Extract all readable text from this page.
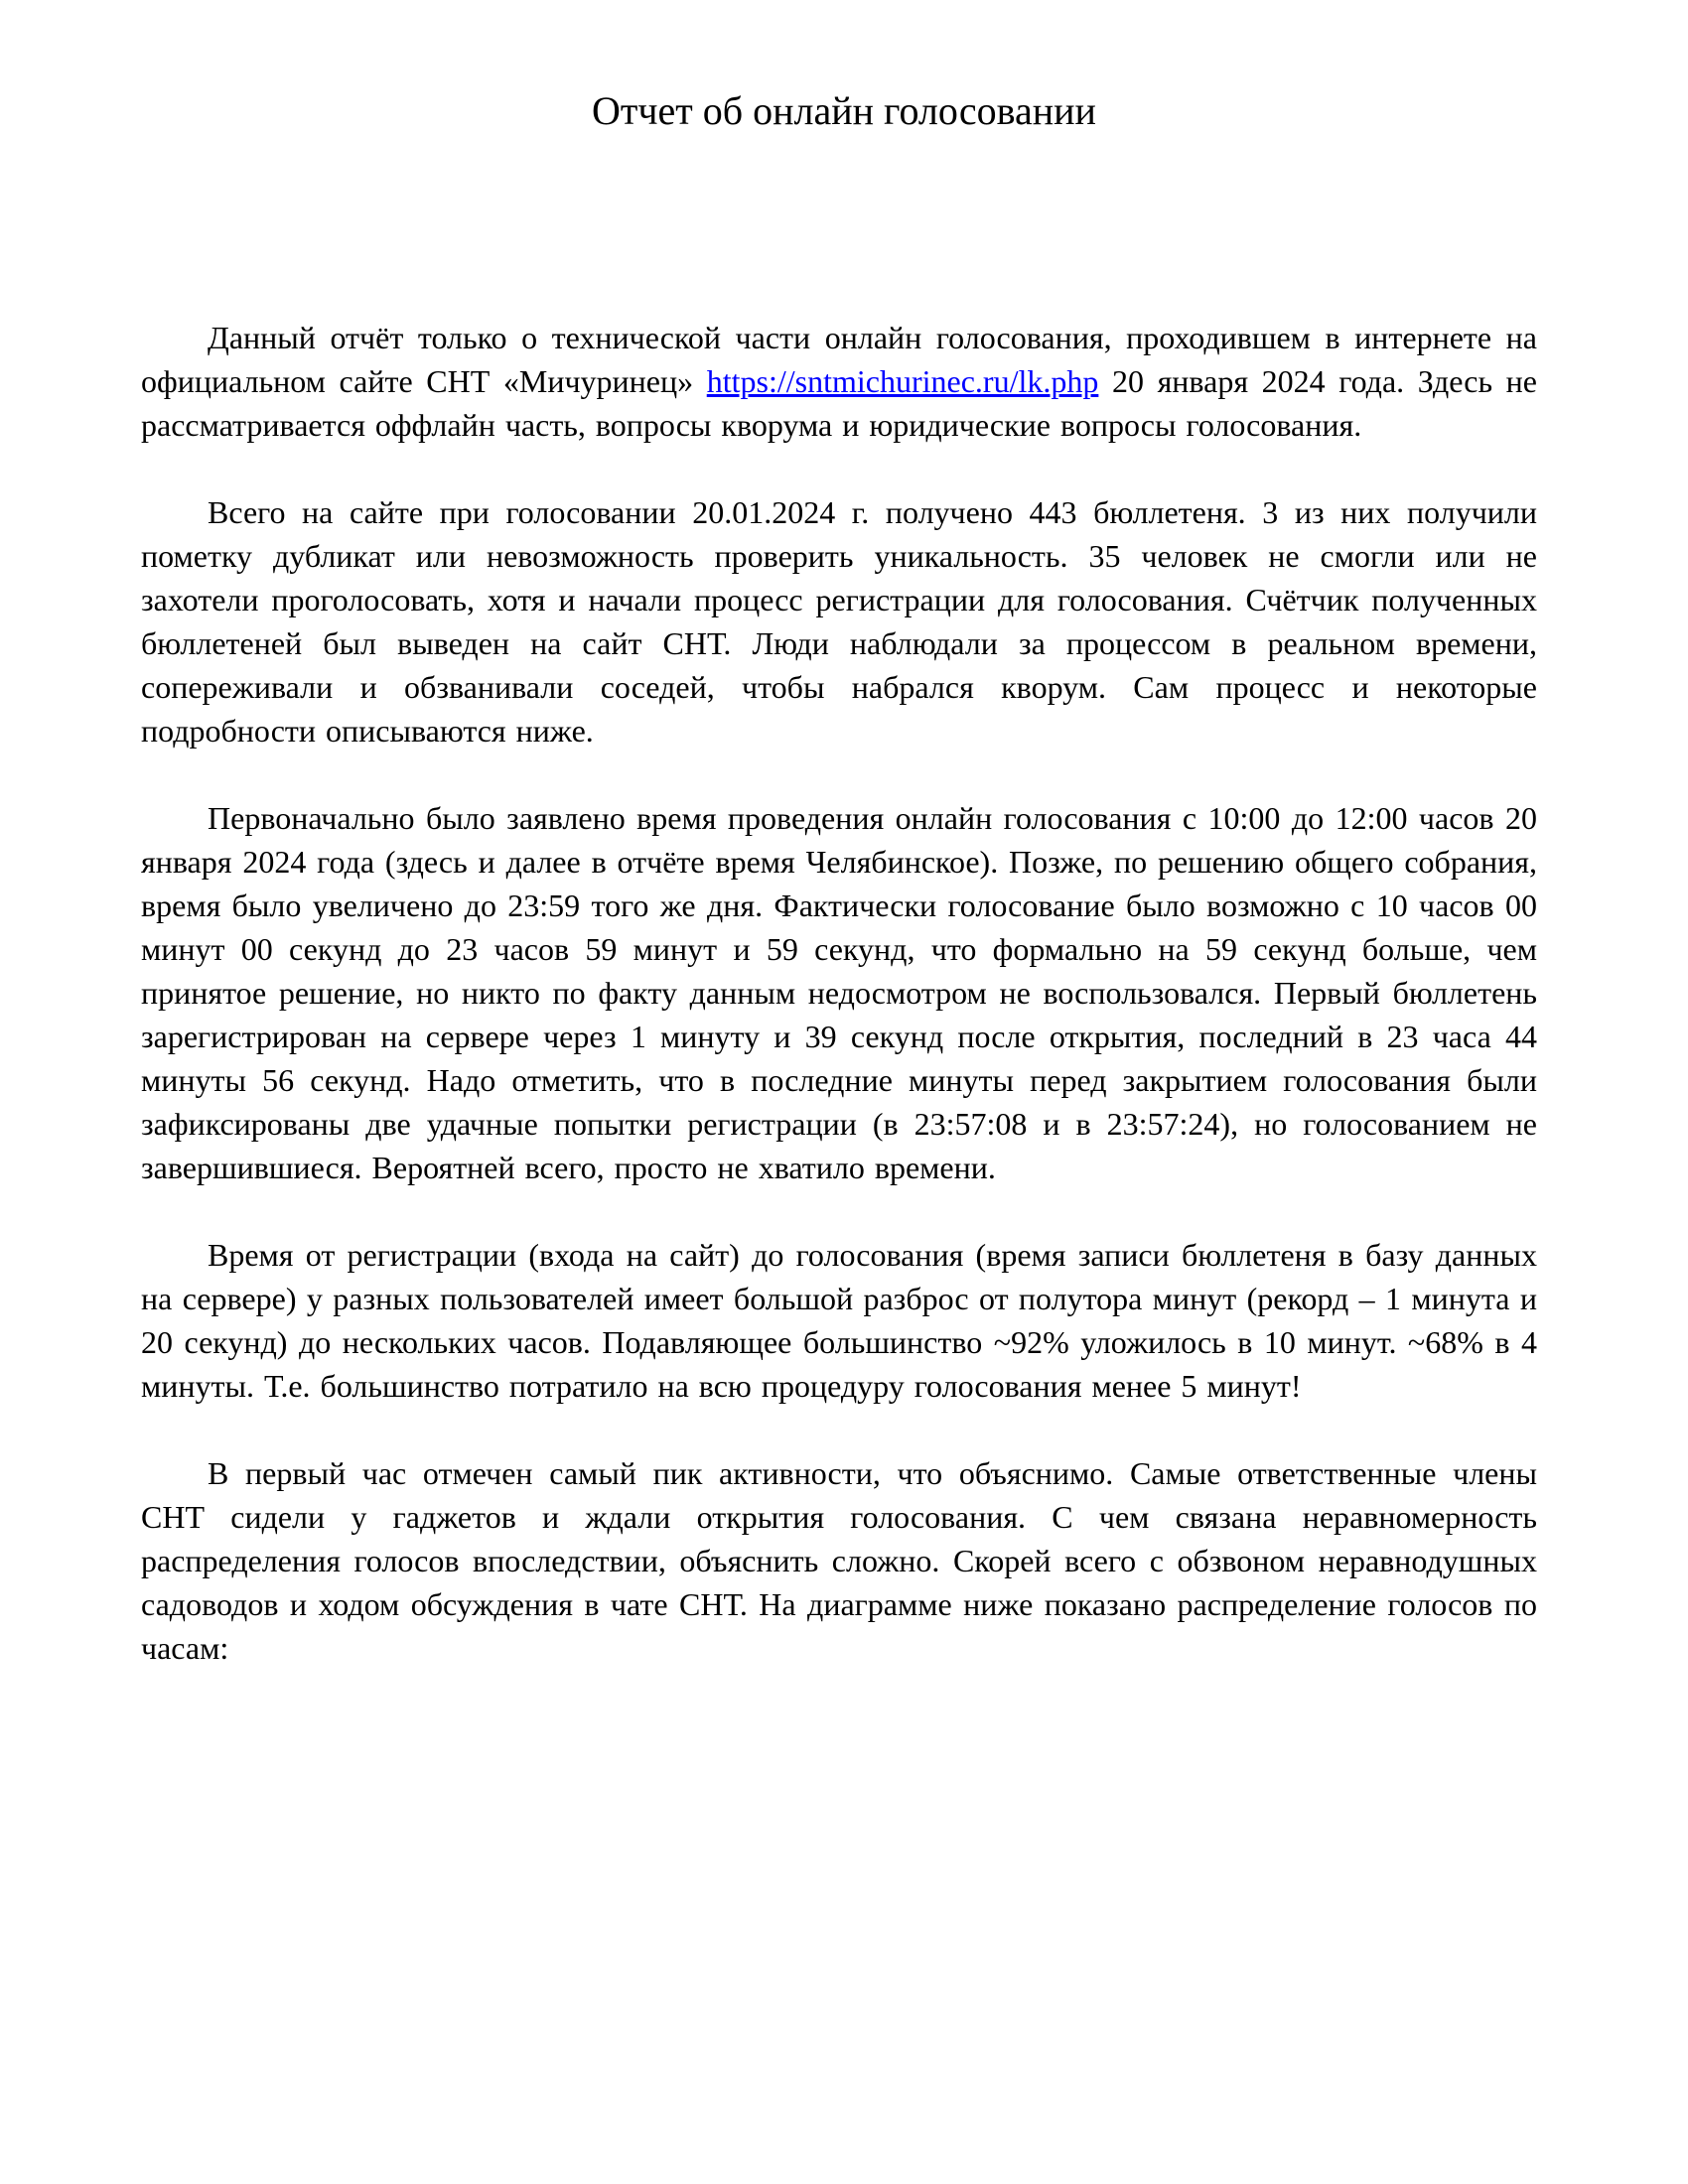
Отчет об онлайн голосовании

Данный отчёт только о технической части онлайн голосования, проходившем в интернете на официальном сайте СНТ «Мичуринец» https://sntmichurinec.ru/lk.php 20 января 2024 года. Здесь не рассматривается оффлайн часть, вопросы кворума и юридические вопросы голосования.

Всего на сайте при голосовании 20.01.2024 г. получено 443 бюллетеня. 3 из них получили пометку дубликат или невозможность проверить уникальность. 35 человек не смогли или не захотели проголосовать, хотя и начали процесс регистрации для голосования. Счётчик полученных бюллетеней был выведен на сайт СНТ. Люди наблюдали за процессом в реальном времени, сопереживали и обзванивали соседей, чтобы набрался кворум. Сам процесс и некоторые подробности описываются ниже.

Первоначально было заявлено время проведения онлайн голосования с 10:00 до 12:00 часов 20 января 2024 года (здесь и далее в отчёте время Челябинское). Позже, по решению общего собрания, время было увеличено до 23:59 того же дня. Фактически голосование было возможно с 10 часов 00 минут 00 секунд до 23 часов 59 минут и 59 секунд, что формально на 59 секунд больше, чем принятое решение, но никто по факту данным недосмотром не воспользовался. Первый бюллетень зарегистрирован на сервере через 1 минуту и 39 секунд после открытия, последний в 23 часа 44 минуты 56 секунд. Надо отметить, что в последние минуты перед закрытием голосования были зафиксированы две удачные попытки регистрации (в 23:57:08 и в 23:57:24), но голосованием не завершившиеся. Вероятней всего, просто не хватило времени.

Время от регистрации (входа на сайт) до голосования (время записи бюллетеня в базу данных на сервере) у разных пользователей имеет большой разброс от полутора минут (рекорд – 1 минута и 20 секунд) до нескольких часов. Подавляющее большинство ~92% уложилось в 10 минут. ~68% в 4 минуты. Т.е. большинство потратило на всю процедуру голосования менее 5 минут!

В первый час отмечен самый пик активности, что объяснимо. Самые ответственные члены СНТ сидели у гаджетов и ждали открытия голосования. С чем связана неравномерность распределения голосов впоследствии, объяснить сложно. Скорей всего с обзвоном неравнодушных садоводов и ходом обсуждения в чате СНТ. На диаграмме ниже показано распределение голосов по часам:
